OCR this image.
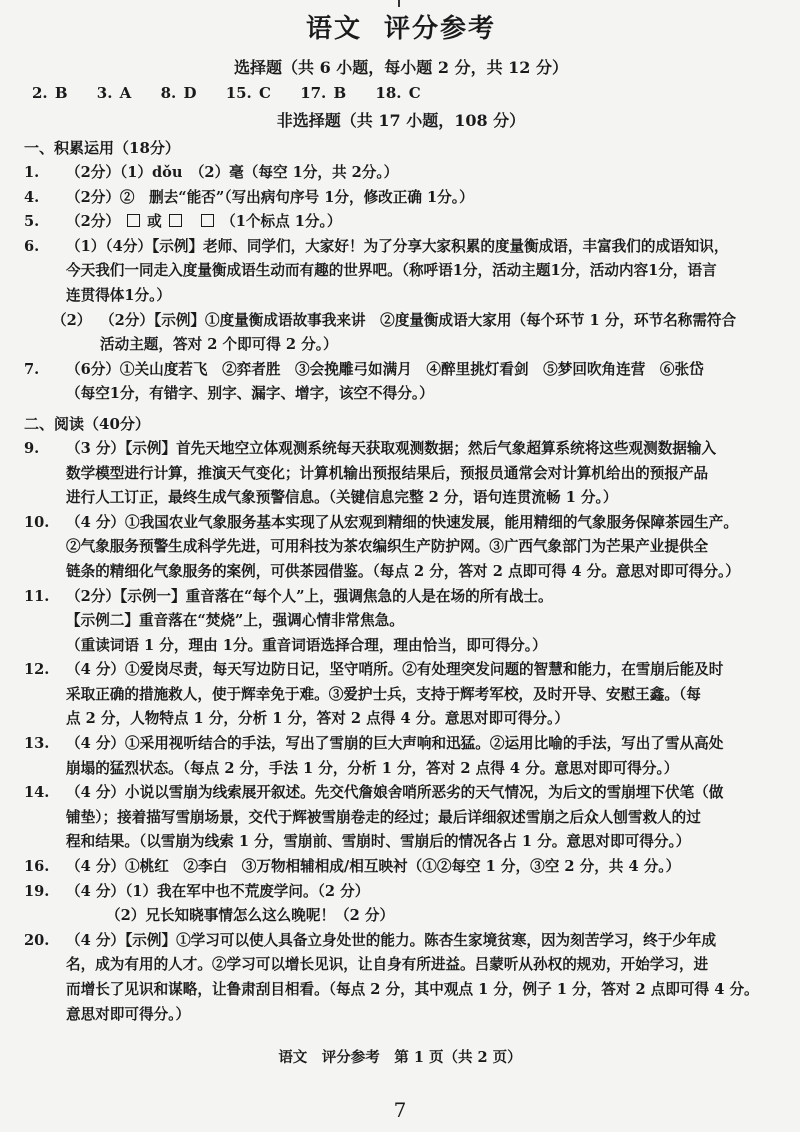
语文 评分参考
选择题（共 6 小题，每小题 2 分，共 12 分）
2. B 3. A 8. D 15. C 17. B 18. C
非选择题（共 17 小题，108 分）
一、积累运用（18分）
1. （2分）（1）dǒu　（2）毫（每空 1分，共 2分。）
4. （2分）②　删去“能否”（写出病句序号 1分，修改正确 1分。）
5. （2分） 或	（1个标点 1分。）
6. （1）（4分）【示例】老师、同学们，大家好！为了分享大家积累的度量衡成语，丰富我们的成语知识，
今天我们一同走入度量衡成语生动而有趣的世界吧。（称呼语1分，活动主题1分，活动内容1分，语言
连贯得体1分。）
（2） （2分）【示例】①度量衡成语故事我来讲　②度量衡成语大家用（每个环节 1 分，环节名称需符合
活动主题，答对 2 个即可得 2 分。）
7. （6分）①关山度若飞　②弈者胜　③会挽雕弓如满月　④醉里挑灯看剑　⑤梦回吹角连营　⑥张岱
（每空1分，有错字、别字、漏字、增字，该空不得分。）
二、阅读（40分）
9. （3 分）【示例】首先天地空立体观测系统每天获取观测数据；然后气象超算系统将这些观测数据输入
数学模型进行计算，推演天气变化；计算机输出预报结果后，预报员通常会对计算机给出的预报产品
进行人工订正，最终生成气象预警信息。（关键信息完整 2 分，语句连贯流畅 1 分。）
10. （4 分）①我国农业气象服务基本实现了从宏观到精细的快速发展，能用精细的气象服务保障茶园生产。
②气象服务预警生成科学先进，可用科技为茶农编织生产防护网。③广西气象部门为芒果产业提供全
链条的精细化气象服务的案例，可供茶园借鉴。（每点 2 分，答对 2 点即可得 4 分。意思对即可得分。）
11. （2分）【示例一】重音落在“每个人”上，强调焦急的人是在场的所有战士。
【示例二】重音落在“焚烧”上，强调心情非常焦急。
（重读词语 1 分，理由 1分。重音词语选择合理，理由恰当，即可得分。）
12. （4 分）①爱岗尽责，每天写边防日记，坚守哨所。②有处理突发问题的智慧和能力，在雪崩后能及时
采取正确的措施救人，使于辉幸免于难。③爱护士兵，支持于辉考军校，及时开导、安慰王鑫。（每
点 2 分，人物特点 1 分，分析 1 分，答对 2 点得 4 分。意思对即可得分。）
13. （4 分）①采用视听结合的手法，写出了雪崩的巨大声响和迅猛。②运用比喻的手法，写出了雪从高处
崩塌的猛烈状态。（每点 2 分，手法 1 分，分析 1 分，答对 2 点得 4 分。意思对即可得分。）
14. （4 分）小说以雪崩为线索展开叙述。先交代詹娘舍哨所恶劣的天气情况，为后文的雪崩埋下伏笔（做
铺垫）；接着描写雪崩场景，交代于辉被雪崩卷走的经过；最后详细叙述雪崩之后众人刨雪救人的过
程和结果。（以雪崩为线索 1 分，雪崩前、雪崩时、雪崩后的情况各占 1 分。意思对即可得分。）
16. （4 分）①桃红　②李白　③万物相辅相成/相互映衬（①②每空 1 分，③空 2 分，共 4 分。）
19. （4 分）（1）我在军中也不荒废学问。（2 分）
（2）兄长知晓事情怎么这么晚呢！（2 分）
20. （4 分）【示例】①学习可以使人具备立身处世的能力。陈杏生家境贫寒，因为刻苦学习，终于少年成
名，成为有用的人才。②学习可以增长见识，让自身有所进益。吕蒙听从孙权的规劝，开始学习，进
而增长了见识和谋略，让鲁肃刮目相看。（每点 2 分，其中观点 1 分，例子 1 分，答对 2 点即可得 4 分。
意思对即可得分。）
语文　评分参考　第 1 页（共 2 页）
7
